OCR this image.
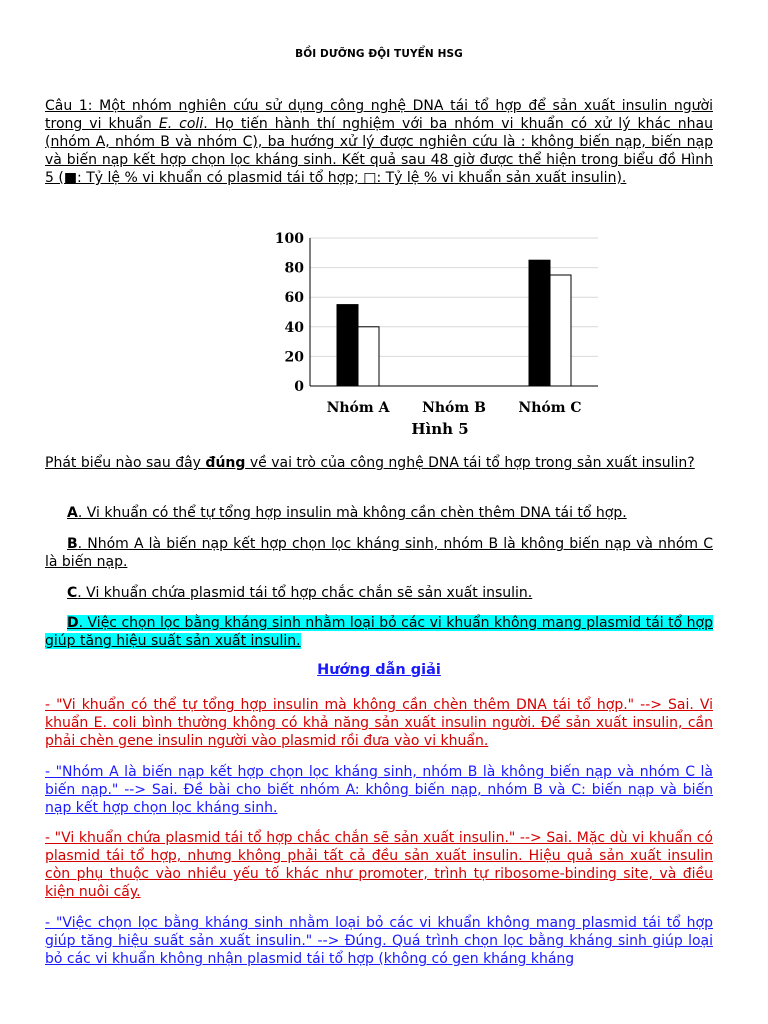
BỒI DƯỠNG ĐỘI TUYỂN HSG

Câu 1: Một nhóm nghiên cứu sử dụng công nghệ DNA tái tổ hợp để sản xuất insulin người trong vi khuẩn E. coli. Họ tiến hành thí nghiệm với ba nhóm vi khuẩn có xử lý khác nhau (nhóm A, nhóm B và nhóm C), ba hướng xử lý được nghiên cứu là : không biến nạp, biến nạp và biến nạp kết hợp chọn lọc kháng sinh. Kết quả sau 48 giờ được thể hiện trong biểu đồ Hình 5 (■: Tỷ lệ % vi khuẩn có plasmid tái tổ hợp; □: Tỷ lệ % vi khuẩn sản xuất insulin).

0
20
40
60
80
100
Nhóm A Nhóm B Nhóm C
Hình 5

Phát biểu nào sau đây đúng về vai trò của công nghệ DNA tái tổ hợp trong sản xuất insulin?

A. Vi khuẩn có thể tự tổng hợp insulin mà không cần chèn thêm DNA tái tổ hợp.

B. Nhóm A là biến nạp kết hợp chọn lọc kháng sinh, nhóm B là không biến nạp và nhóm C là biến nạp.

C. Vi khuẩn chứa plasmid tái tổ hợp chắc chắn sẽ sản xuất insulin.

D. Việc chọn lọc bằng kháng sinh nhằm loại bỏ các vi khuẩn không mang plasmid tái tổ hợp giúp tăng hiệu suất sản xuất insulin.

Hướng dẫn giải

- "Vi khuẩn có thể tự tổng hợp insulin mà không cần chèn thêm DNA tái tổ hợp." --> Sai. Vi khuẩn E. coli bình thường không có khả năng sản xuất insulin người. Để sản xuất insulin, cần phải chèn gene insulin người vào plasmid rồi đưa vào vi khuẩn.

- "Nhóm A là biến nạp kết hợp chọn lọc kháng sinh, nhóm B là không biến nạp và nhóm C là biến nạp." --> Sai. Đề bài cho biết nhóm A: không biến nạp, nhóm B và C: biến nạp và biến nạp kết hợp chọn lọc kháng sinh.

- "Vi khuẩn chứa plasmid tái tổ hợp chắc chắn sẽ sản xuất insulin." --> Sai. Mặc dù vi khuẩn có plasmid tái tổ hợp, nhưng không phải tất cả đều sản xuất insulin. Hiệu quả sản xuất insulin còn phụ thuộc vào nhiều yếu tố khác như promoter, trình tự ribosome-binding site, và điều kiện nuôi cấy.

- "Việc chọn lọc bằng kháng sinh nhằm loại bỏ các vi khuẩn không mang plasmid tái tổ hợp giúp tăng hiệu suất sản xuất insulin." --> Đúng. Quá trình chọn lọc bằng kháng sinh giúp loại bỏ các vi khuẩn không nhận plasmid tái tổ hợp (không có gen kháng kháng
